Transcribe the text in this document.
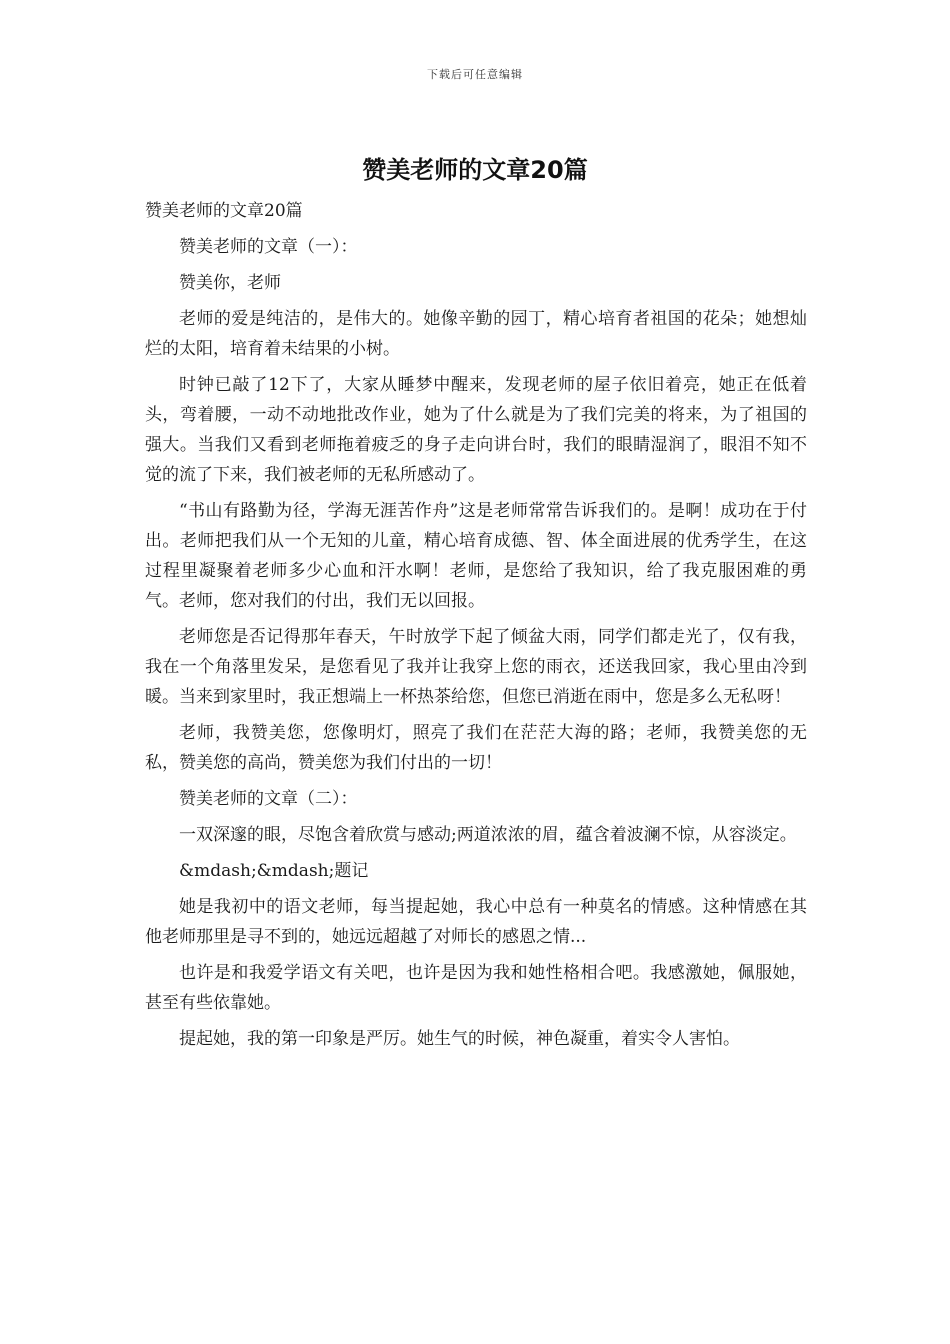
下载后可任意编辑
赞美老师的文章20篇

赞美老师的文章20篇

赞美老师的文章（一）：

赞美你，老师

老师的爱是纯洁的，是伟大的。她像辛勤的园丁，精心培育者祖国的花朵；她想灿烂的太阳，培育着未结果的小树。

时钟已敲了12下了，大家从睡梦中醒来，发现老师的屋子依旧着亮，她正在低着头，弯着腰，一动不动地批改作业，她为了什么就是为了我们完美的将来，为了祖国的强大。当我们又看到老师拖着疲乏的身子走向讲台时，我们的眼睛湿润了，眼泪不知不觉的流了下来，我们被老师的无私所感动了。

“书山有路勤为径，学海无涯苦作舟”这是老师常常告诉我们的。是啊！成功在于付出。老师把我们从一个无知的儿童，精心培育成德、智、体全面进展的优秀学生，在这过程里凝聚着老师多少心血和汗水啊！老师，是您给了我知识，给了我克服困难的勇气。老师，您对我们的付出，我们无以回报。

老师您是否记得那年春天，午时放学下起了倾盆大雨，同学们都走光了，仅有我，我在一个角落里发呆，是您看见了我并让我穿上您的雨衣，还送我回家，我心里由冷到暖。当来到家里时，我正想端上一杯热茶给您，但您已消逝在雨中，您是多么无私呀！

老师，我赞美您，您像明灯，照亮了我们在茫茫大海的路；老师，我赞美您的无私，赞美您的高尚，赞美您为我们付出的一切！

赞美老师的文章（二）：

一双深邃的眼，尽饱含着欣赏与感动;两道浓浓的眉，蕴含着波澜不惊，从容淡定。

&mdash;&mdash;题记

她是我初中的语文老师，每当提起她，我心中总有一种莫名的情感。这种情感在其他老师那里是寻不到的，她远远超越了对师长的感恩之情...

也许是和我爱学语文有关吧，也许是因为我和她性格相合吧。我感激她，佩服她，甚至有些依靠她。

提起她，我的第一印象是严厉。她生气的时候，神色凝重，着实令人害怕。
